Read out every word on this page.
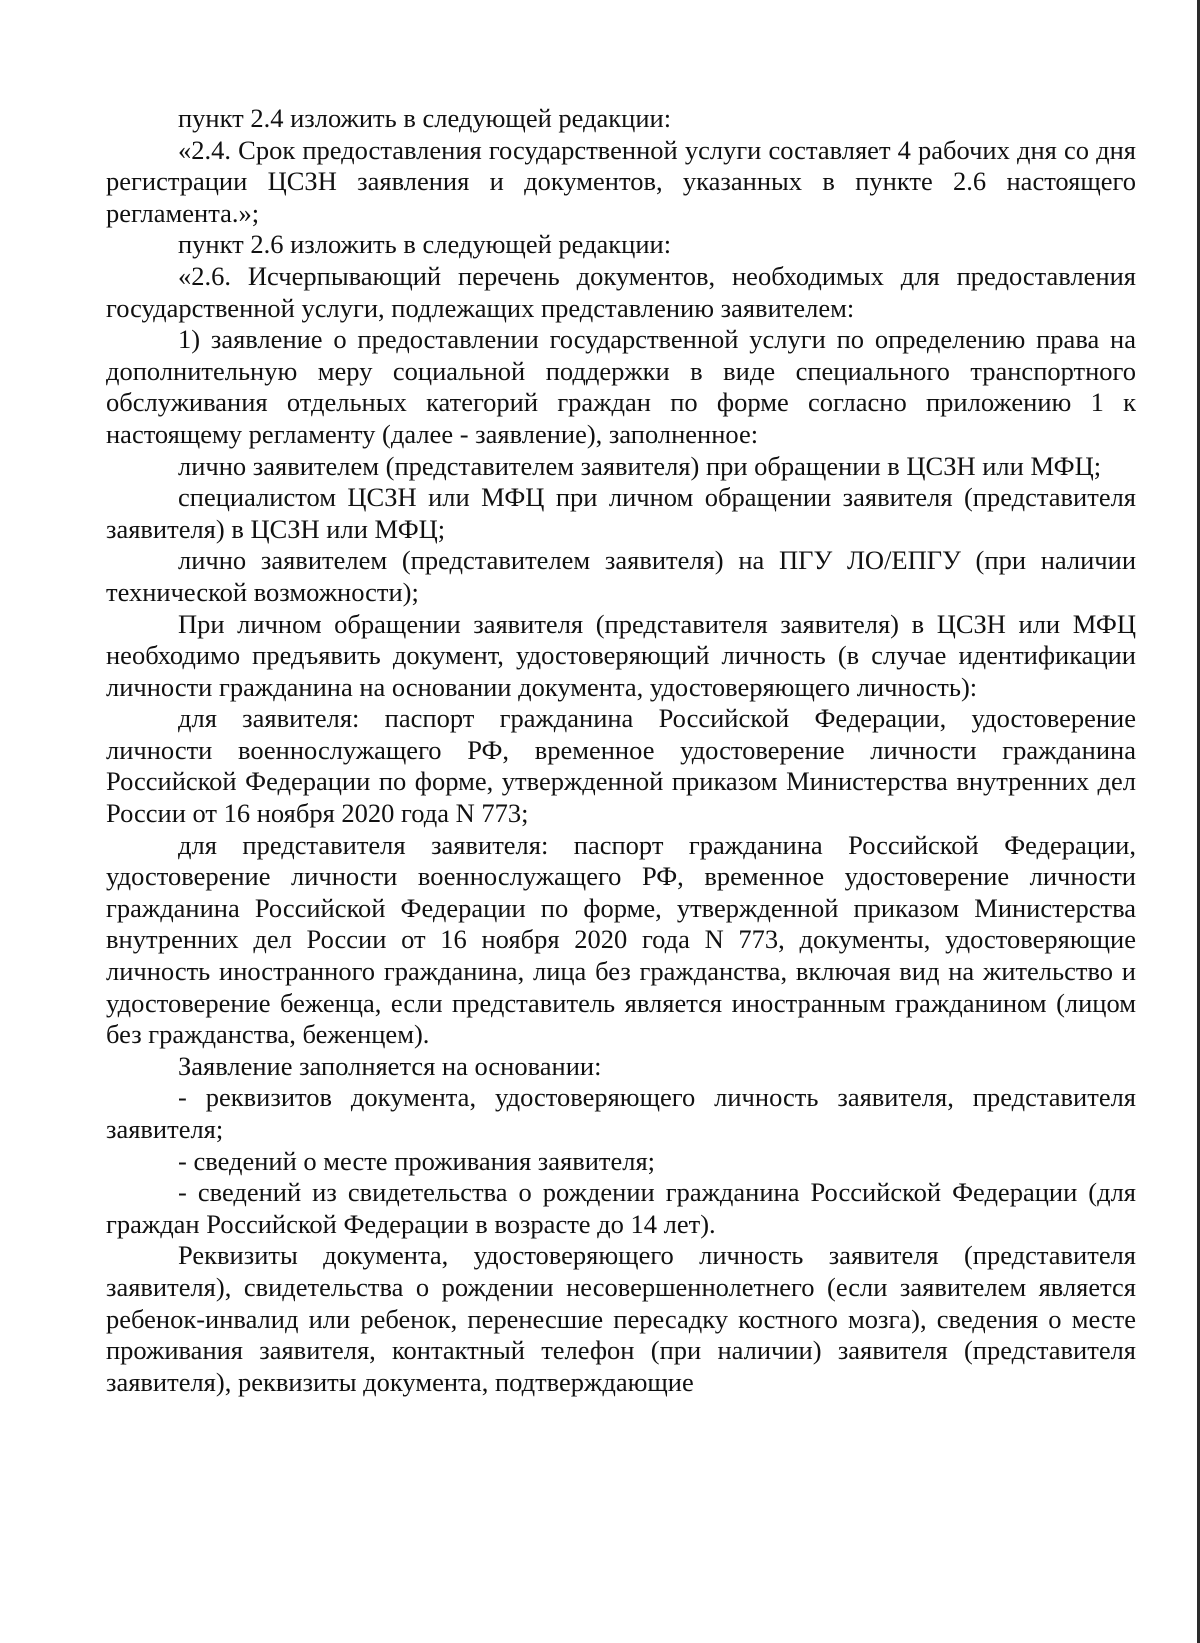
пункт 2.4 изложить в следующей редакции:

«2.4. Срок предоставления государственной услуги составляет 4 рабочих дня со дня регистрации ЦСЗН заявления и документов, указанных в пункте 2.6 настоящего регламента.»;

пункт 2.6 изложить в следующей редакции:

«2.6. Исчерпывающий перечень документов, необходимых для предоставления государственной услуги, подлежащих представлению заявителем:

1) заявление о предоставлении государственной услуги по определению права на дополнительную меру социальной поддержки в виде специального транспортного обслуживания отдельных категорий граждан по форме согласно приложению 1 к настоящему регламенту (далее - заявление), заполненное:

лично заявителем (представителем заявителя) при обращении в ЦСЗН или МФЦ;

специалистом ЦСЗН или МФЦ при личном обращении заявителя (представителя заявителя) в ЦСЗН или МФЦ;

лично заявителем (представителем заявителя) на ПГУ ЛО/ЕПГУ (при наличии технической возможности);

При личном обращении заявителя (представителя заявителя) в ЦСЗН или МФЦ необходимо предъявить документ, удостоверяющий личность (в случае идентификации личности гражданина на основании документа, удостоверяющего личность):

для заявителя: паспорт гражданина Российской Федерации, удостоверение личности военнослужащего РФ, временное удостоверение личности гражданина Российской Федерации по форме, утвержденной приказом Министерства внутренних дел России от 16 ноября 2020 года N 773;

для представителя заявителя: паспорт гражданина Российской Федерации, удостоверение личности военнослужащего РФ, временное удостоверение личности гражданина Российской Федерации по форме, утвержденной приказом Министерства внутренних дел России от 16 ноября 2020 года N 773, документы, удостоверяющие личность иностранного гражданина, лица без гражданства, включая вид на жительство и удостоверение беженца, если представитель является иностранным гражданином (лицом без гражданства, беженцем).

Заявление заполняется на основании:

- реквизитов документа, удостоверяющего личность заявителя, представителя заявителя;

- сведений о месте проживания заявителя;

- сведений из свидетельства о рождении гражданина Российской Федерации (для граждан Российской Федерации в возрасте до 14 лет).

Реквизиты документа, удостоверяющего личность заявителя (представителя заявителя), свидетельства о рождении несовершеннолетнего (если заявителем является ребенок-инвалид или ребенок, перенесшие пересадку костного мозга), сведения о месте проживания заявителя, контактный телефон (при наличии) заявителя (представителя заявителя), реквизиты документа, подтверждающие
